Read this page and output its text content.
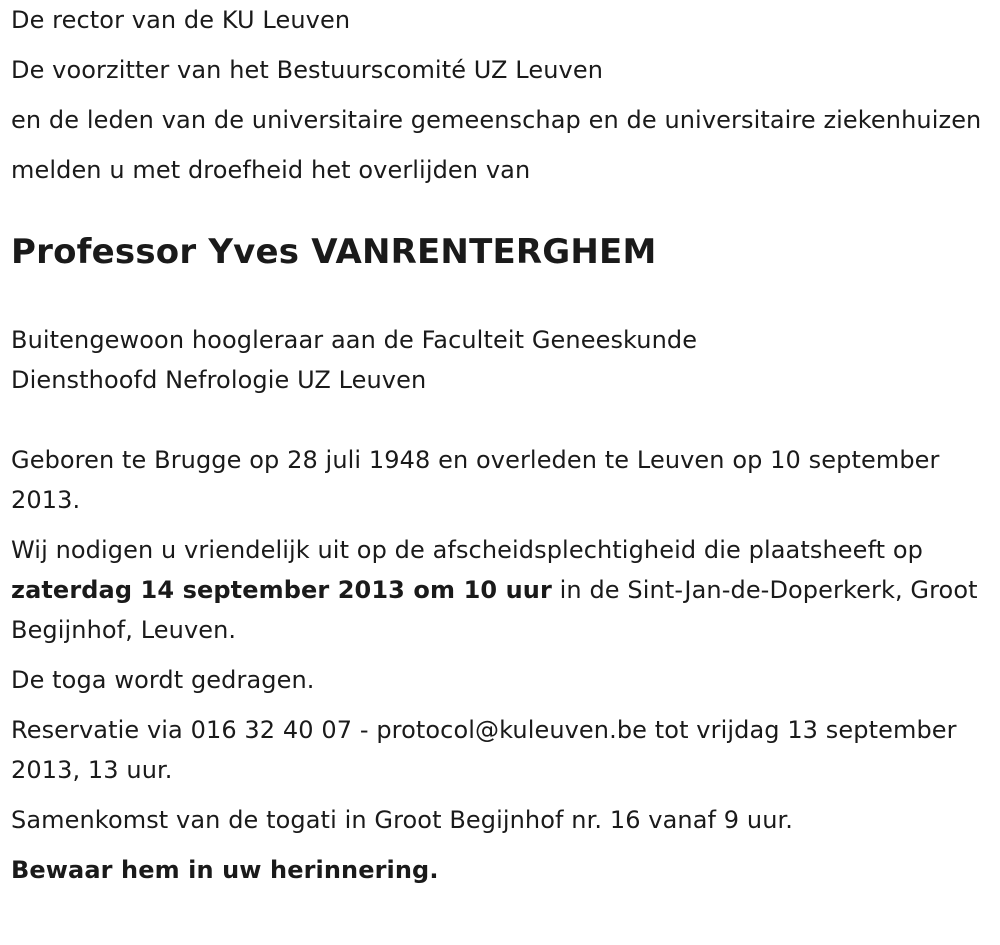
De rector van de KU Leuven

De voorzitter van het Bestuurscomité UZ Leuven

en de leden van de universitaire gemeenschap en de universitaire ziekenhuizen

melden u met droefheid het overlijden van

Professor Yves VANRENTERGHEM

Buitengewoon hoogleraar aan de Faculteit Geneeskunde

Diensthoofd Nefrologie UZ Leuven

Geboren te Brugge op 28 juli 1948 en overleden te Leuven op 10 september 2013.

Wij nodigen u vriendelijk uit op de afscheidsplechtigheid die plaatsheeft op zaterdag 14 september 2013 om 10 uur in de Sint-Jan-de-Doperkerk, Groot Begijnhof, Leuven.

De toga wordt gedragen.

Reservatie via 016 32 40 07 - protocol@kuleuven.be tot vrijdag 13 september 2013, 13 uur.

Samenkomst van de togati in Groot Begijnhof nr. 16 vanaf 9 uur.

Bewaar hem in uw herinnering.
